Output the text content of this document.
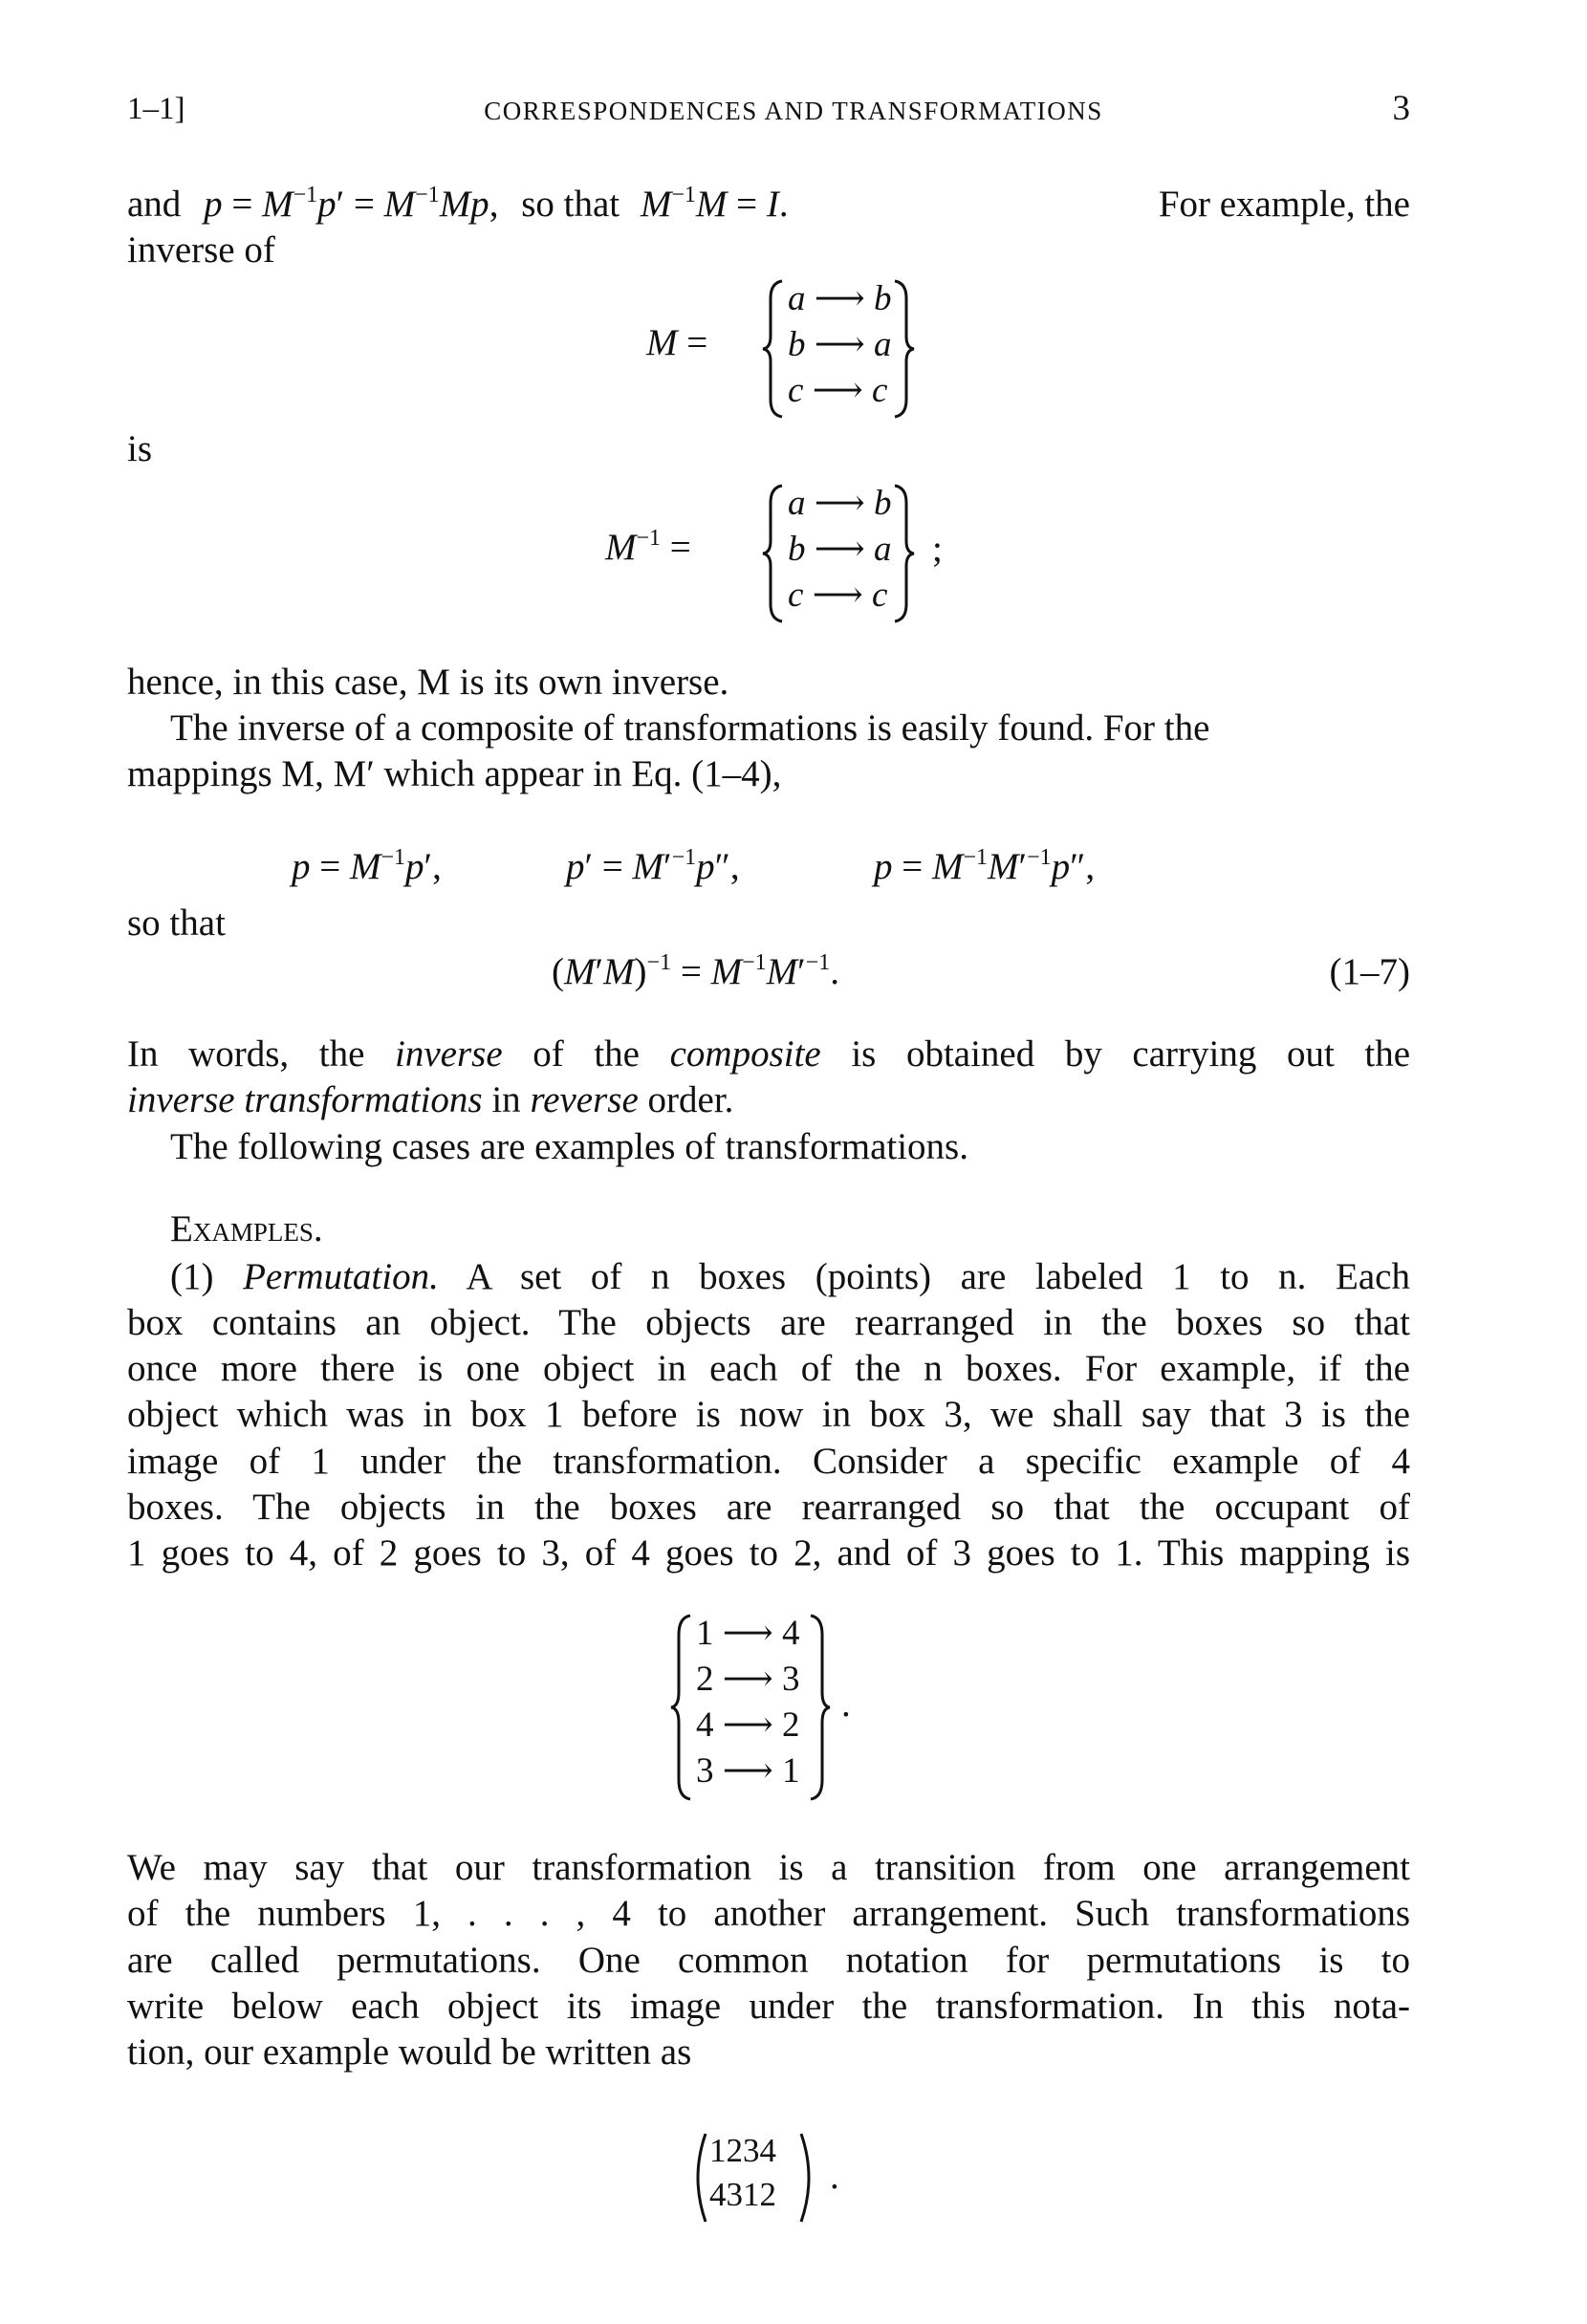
1–1]	CORRESPONDENCES AND TRANSFORMATIONS	3
and $p = M^{-1}p' = M^{-1}Mp$, so that $M^{-1}M = I$.	For example, the
inverse of
M =
a ⟶ b
b ⟶ a
c ⟶ c
is
$M^{-1}$ =
a ⟶ b
b ⟶ a
c ⟶ c
;
hence, in this case, M is its own inverse.
The inverse of a composite of transformations is easily found. For the
mappings M, M′ which appear in Eq. (1–4),
$p = M^{-1}p'$,	$p' = M'^{-1}p''$,	$p = M^{-1}M'^{-1}p''$,
so that
$(M'M)^{-1} = M^{-1}M'^{-1}$.	(1–7)
In words, the inverse of the composite is obtained by carrying out the
inverse transformations in reverse order.
The following cases are examples of transformations.
Examples.
(1) Permutation. A set of n boxes (points) are labeled 1 to n. Each
box contains an object. The objects are rearranged in the boxes so that
once more there is one object in each of the n boxes. For example, if the
object which was in box 1 before is now in box 3, we shall say that 3 is the
image of 1 under the transformation. Consider a specific example of 4
boxes. The objects in the boxes are rearranged so that the occupant of
1 goes to 4, of 2 goes to 3, of 4 goes to 2, and of 3 goes to 1. This mapping is
1 ⟶ 4
2 ⟶ 3
4 ⟶ 2
3 ⟶ 1
.
We may say that our transformation is a transition from one arrangement
of the numbers 1, . . . , 4 to another arrangement. Such transformations
are called permutations. One common notation for permutations is to
write below each object its image under the transformation. In this nota-
tion, our example would be written as
1234
4312 .
